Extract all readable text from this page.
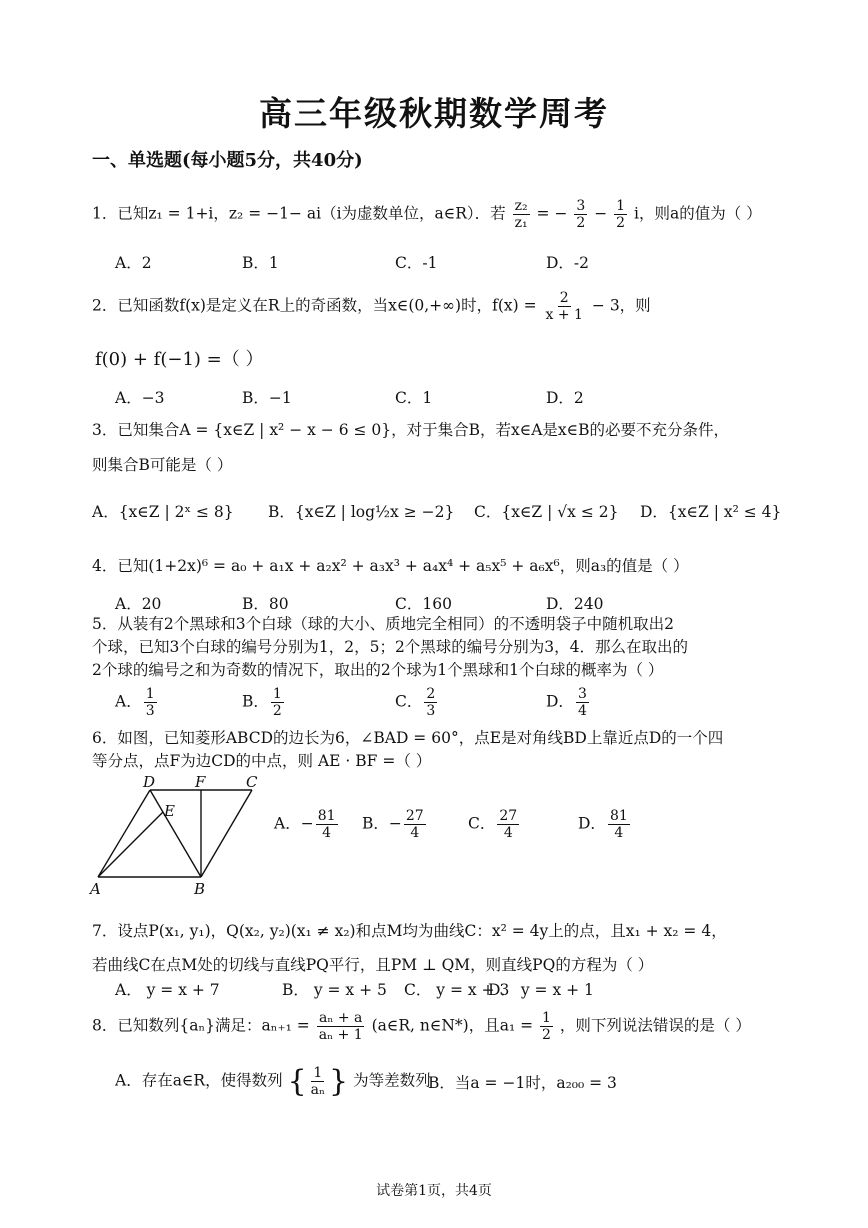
高三年级秋期数学周考
一、单选题(每小题5分，共40分)
1．已知z₁ = 1+i，z₂ = −1− ai（i为虚数单位，a∈R）．若 $\frac{\text{z₂}}{\text{z₁}}$ = − $\frac{3}{2} - \frac{1}{2}$ i，则a的值为（ ）
A．2	B．1	C．-1	D．-2
2．已知函数f(x)是定义在R上的奇函数，当x∈(0,+∞)时，$f(x) = \frac{2}{x + 1} - 3$，则
f(0) + f(−1) =（ ）
A．−3	B．−1	C．1	D．2
3．已知集合A = {x∈Z | x² − x − 6 ≤ 0}，对于集合B，若x∈A是x∈B的必要不充分条件，
则集合B可能是（ ）
A．{x∈Z | 2ˣ ≤ 8} B．{x∈Z | log½x ≥ −2} C．{x∈Z | √x ≤ 2} D．{x∈Z | x² ≤ 4}
4．已知(1+2x)⁶ = a₀ + a₁x + a₂x² + a₃x³ + a₄x⁴ + a₅x⁵ + a₆x⁶，则a₃的值是（ ）
A．20	B．80	C．160	D．240
5．从装有2个黑球和3个白球（球的大小、质地完全相同）的不透明袋子中随机取出2
个球，已知3个白球的编号分别为1，2，5；2个黑球的编号分别为3，4．那么在取出的
2个球的编号之和为奇数的情况下，取出的2个球为1个黑球和1个白球的概率为（ ）
A． $\frac{1}{3}$	B． $\frac{1}{2}$	C． $\frac{2}{3}$	D． $\frac{3}{4}$
6．如图，已知菱形ABCD的边长为6，∠BAD = 60°，点E是对角线BD上靠近点D的一个四
等分点，点F为边CD的中点，则 AE · BF =（ ）
A	B
C
D
E
F
A．− $\frac{81}{4}$ B．− $\frac{27}{4}$	C． $\frac{27}{4}$	D． $\frac{81}{4}$
7．设点P(x₁, y₁)，Q(x₂, y₂)(x₁ ≠ x₂)和点M均为曲线C：x² = 4y上的点，且x₁ + x₂ = 4，
若曲线C在点M处的切线与直线PQ平行，且PM ⊥ QM，则直线PQ的方程为（ ）
A． y = x + 7	B． y = x + 5 C． y = x + 3
D． y = x + 1
8．已知数列{aₙ}满足：$a_{n+1} = \frac{\text{aₙ + a}}{\text{aₙ + 1}}$ (a∈R, n∈N*)，且$a_1 = \frac{1}{2}$ ，则下列说法错误的是（ ）
A．存在a∈R，使得数列 { $\frac{1}{\text{aₙ}}$ } 为等差数列
B．当a = −1时，a₂₀₀ = 3
试卷第1页，共4页
